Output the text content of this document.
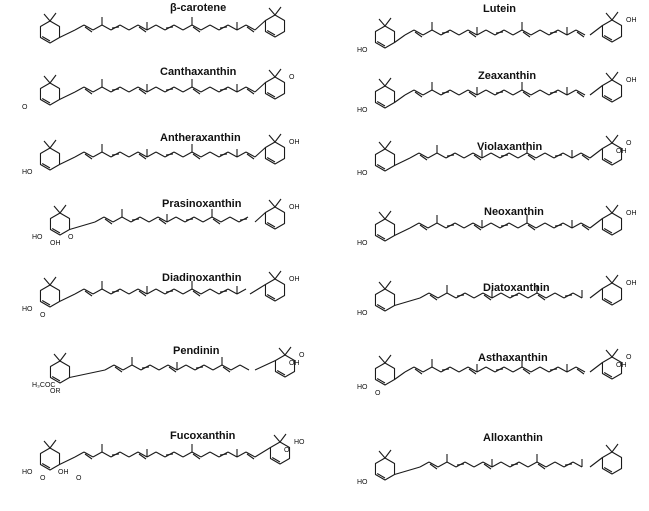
β-carotene
Canthaxanthin
O
O
Antheraxanthin
HO
OH
Prasinoxanthin
HO
OH
O
OH
Diadinoxanthin
HO
O
OH
Pendinin
H₃COC
OR
O
OH
Fucoxanthin
HO
O
OH
O
HO
O
Lutein
HO
OH
Zeaxanthin
HO
OH
Violaxanthin
HO
O
OH
Neoxanthin
HO
OH
Diatoxanthin
HO
OH
Asthaxanthin
HO
O
O
OH
Alloxanthin
HO
